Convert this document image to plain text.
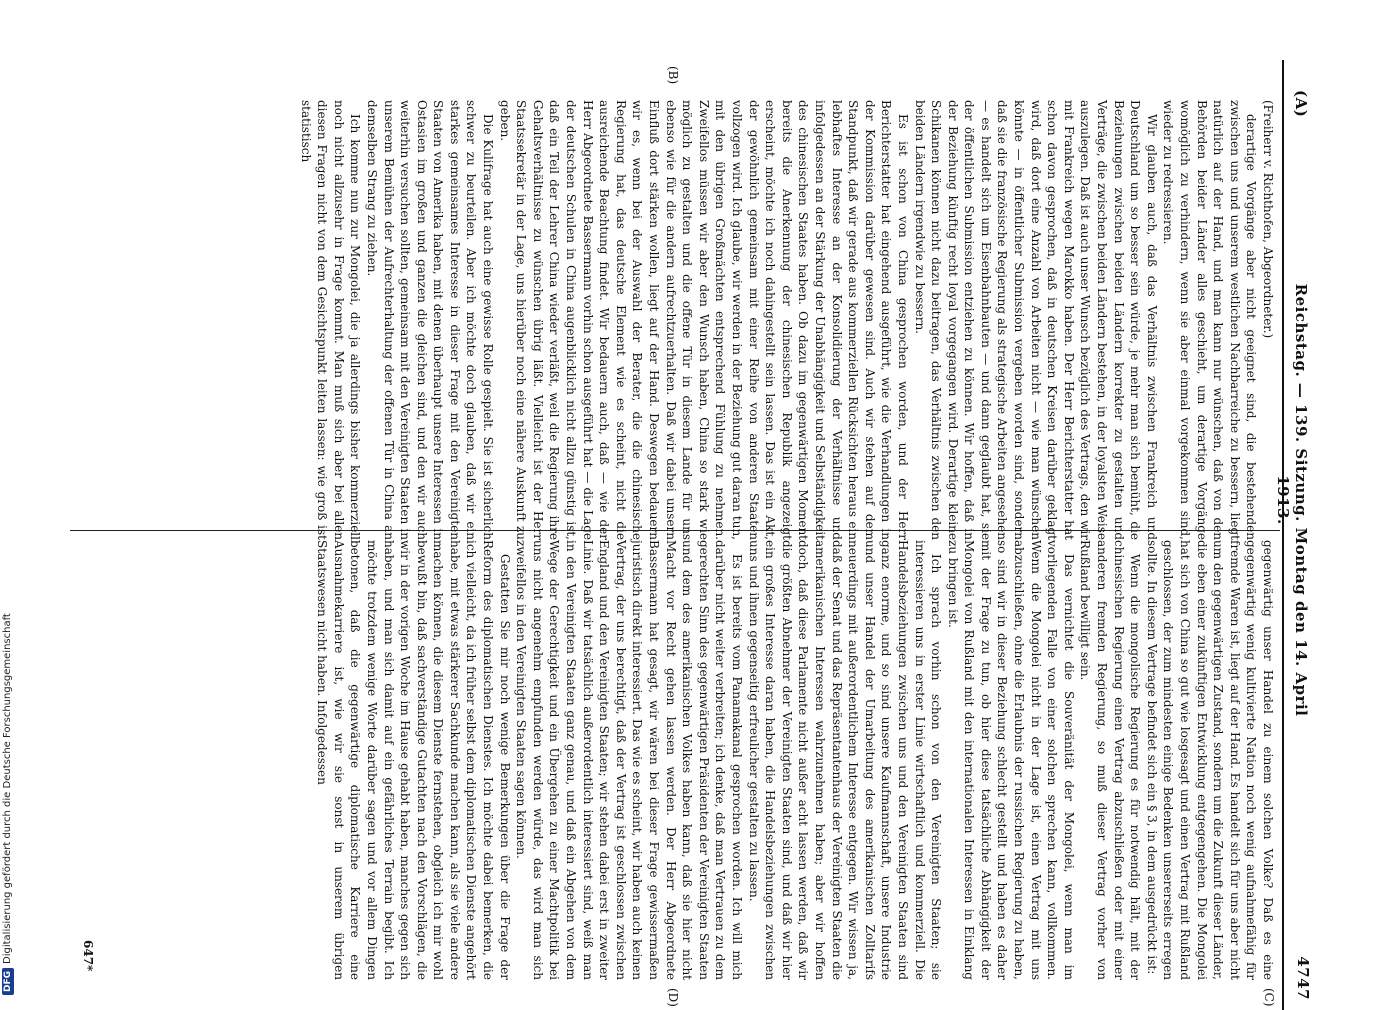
DFGDigitalisierung gefördert durch die Deutsche Forschungsgemeinschaft
(A)
Reichstag. — 139. Sitzung. Montag den 14. April 1913.
4747
(B)
(C)
(D)

(Freiherr v. Richthofen, Abgeordneter.)

derartige Vorgänge aber nicht geeignet sind, die bestehenden zwischen uns und unserem westlichen Nachbarreiche zu bessern, liegt natürlich auf der Hand, und man kann nur wünschen, daß von den Behörden beider Länder alles geschieht, um derartige Vorgänge womöglich zu verhindern, wenn sie aber einmal vorgekommen sind, wieder zu redressieren.

Wir glauben auch, daß das Verhältnis zwischen Frankreich und Deutschland um so besser sein würde, je mehr man sich bemüht, die Beziehungen zwischen beiden Ländern korrekter zu gestalten und Verträge, die zwischen beiden Ländern bestehen, in der loyalsten Weise auszulegen. Daß ist auch unser Wunsch bezüglich des Vertrags, den wir mit Frankreich wegen Marokko haben. Der Herr Berichterstatter hat schon davon gesprochen, daß in deutschen Kreisen darüber geklagt wird, daß dort eine Anzahl von Arbeiten nicht — wie man wünschen könnte — in öffentlicher Submission vergeben worden sind, sondern daß sie die französische Regierung als strategische Arbeiten angesehen — es handelt sich um Eisenbahnbauten — und dann geglaubt hat, sie der öffentlichen Submission entziehen zu können. Wir hoffen, daß in der Beziehung künftig recht loyal vorgegangen wird. Derartige kleine Schikanen können nicht dazu beitragen, das Verhältnis zwischen den beiden Ländern irgendwie zu bessern.

Es ist schon von China gesprochen worden, und der Herr Berichterstatter hat eingehend ausgeführt, wie die Verhandlungen in der Kommission darüber gewesen sind. Auch wir stehen auf dem Standpunkt, daß wir gerade aus kommerziellen Rücksichten heraus ein lebhaftes Interesse an der Konsolidierung der Verhältnisse und infolgedessen an der Stärkung der Unabhängigkeit und Selbständigkeit des chinesischen Staates haben. Ob dazu im gegenwärtigen Moment bereits die Anerkennung der chinesischen Republik angezeigt erscheint, möchte ich noch dahingestellt sein lassen. Das ist ein Akt, der gewöhnlich gemeinsam mit einer Reihe von anderen Staaten vollzogen wird. Ich glaube, wir werden in der Beziehung gut daran tun, mit den übrigen Großmächten entsprechend Fühlung zu nehmen. Zweifellos müssen wir aber den Wunsch haben, China so stark wie möglich zu gestalten und die offene Tür in diesem Lande für uns ebenso wie für die andern aufrechtzuerhalten. Daß wir dabei unsern Einfluß dort stärken wollen, liegt auf der Hand. Deswegen bedauern wir es, wenn bei der Auswahl der Berater, die die chinesische Regierung hat, das deutsche Element wie es scheint, nicht die ausreichende Beachtung findet. Wir bedauern auch, daß — wie der Herr Abgeordnete Bassermann vorhin schon ausgeführt hat — die Lage der deutschen Schulen in China augenblicklich nicht allzu günstig ist, daß ein Teil der Lehrer China wieder verläßt, weil die Regierung ihre Gehaltsverhältnisse zu wünschen übrig läßt. Vielleicht ist der Herr Staatssekretär in der Lage, uns hierüber noch eine nähere Auskunft zu geben.

Die Kulifrage hat auch eine gewisse Rolle gespielt. Sie ist sicherlich schwer zu beurteilen. Aber ich möchte doch glauben, daß wir ein starkes gemeinsames Interesse in dieser Frage mit den Vereinigten Staaten von Amerika haben, mit denen überhaupt unsere Interessen in Ostasien im großen und ganzen die gleichen sind, und den wir auch weiterhin versuchen sollten, gemeinsam mit den Vereinigten Staaten in unserem Bemühen der Aufrechterhaltung der offenen Tür in China an demselben Strang zu ziehen.

Ich komme nun zur Mongolei, die ja allerdings bisher kommerziell noch nicht allzusehr in Frage kommt. Man muß sich aber bei allen diesen Fragen nicht von dem Gesichtspunkt leiten lassen: wie groß ist statistisch

gegenwärtig unser Handel zu einem solchen Volke? Daß es eine gegenwärtig wenig kultivierte Nation noch wenig aufnahmefähig für fremde Waren ist, liegt auf der Hand. Es handelt sich für uns aber nicht um den gegenwärtigen Zustand, sondern um die Zukunft dieser Länder, die eben einer zukünftigen Entwicklung entgegengehen. Die Mongolei hat sich von China so gut wie losgesagt und einen Vertrag mit Rußland geschlossen, der zum mindesten einige Bedenken unsererseits erregen sollte. In diesem Vertrage befindet sich ein § 3, in dem ausgedrückt ist:

Wenn die mongolische Regierung es für notwendig hält, mit der chinesischen Regierung einen Vertrag abzuschließen oder mit einer anderen fremden Regierung, so muß dieser Vertrag vorher von Rußland bewilligt sein.

Das vernichtet die Souveränität der Mongolei, wenn man im vorliegenden Falle von einer solchen sprechen kann, vollkommen. Wenn die Mongolei nicht in der Lage ist, einen Vertrag mit uns abzuschließen, ohne die Erlaubnis der russischen Regierung zu haben, so sind wir in dieser Beziehung schlecht gestellt und haben es daher mit der Frage zu tun, ob hier diese tatsächliche Abhängigkeit der Mongolei von Rußland mit den internationalen Interessen in Einklang zu bringen ist.

Ich sprach vorhin schon von den Vereinigten Staaten; sie interessieren uns in erster Linie wirtschaftlich und kommerziell. Die Handelsbeziehungen zwischen uns und den Vereinigten Staaten sind ganz enorme, und so sind unsere Kaufmannschaft, unsere Industrie und unser Handel der Umarbeitung des amerikanischen Zolltarifs neuerdings mit außerordentlichem Interesse entgegen. Wir wissen ja, daß der Senat und das Repräsentantenhaus der Vereinigten Staaten die amerikanischen Interessen wahrzunehmen haben; aber wir hoffen doch, daß diese Parlamente nicht außer acht lassen werden, daß wir die größten Abnehmer der Vereinigten Staaten sind, und daß wir hier ein großes Interesse daran haben, die Handelsbeziehungen zwischen uns und ihnen gegenseitig erfreulicher gestalten zu lassen.

Es ist bereits vom Panamakanal gesprochen worden. Ich will mich darüber nicht weiter verbreiten; ich denke, daß man Vertrauen zu dem gerechten Sinn des gegenwärtigen Präsidenten der Vereinigten Staaten und dem des amerikanischen Volkes haben kann, daß sie hier nicht Macht vor Recht gehen lassen werden. Der Herr Abgeordnete Bassermann hat gesagt, wir wären bei dieser Frage gewissermaßen juristisch direkt interessiert. Das wie es scheint, wir haben auch keinen Vertrag, der uns berechtigt, daß der Vertrag ist geschlossen zwischen England und den Vereinigten Staaten; wir stehen dabei erst in zweiter Linie. Daß wir tatsächlich außerordentlich interessiert sind, weiß man in den Vereinigten Staaten ganz genau, und daß ein Abgehen von dem Wege der Gerechtigkeit und ein Übergehen zu einer Machtpolitik bei uns nicht angenehm empfunden werden würde, das wird man sich zweifellos in den Vereinigten Staaten sagen können.

Gestatten Sie mir noch wenige Bemerkungen über die Frage der Reform des diplomatischen Dienstes. Ich möchte dabei bemerken, die ich vielleicht, da ich früher selbst dem diplomatischen Dienste angehört habe, mit etwas stärkerer Sachkunde machen kann, als sie viele andere machen können, die diesem Dienste fernstehen, obgleich ich mir wohl bewußt bin, daß sachverständige Gutachten nach den Vorschlägen, die wir in der vorigen Woche im Hause gehabt haben, manches gegen sich haben, und man sich damit auf ein gefährliches Terrain begibt. Ich möchte trotzdem wenige Worte darüber sagen und vor allem Dingen betonen, daß die gegenwärtige diplomatische Karriere eine Ausnahmekarriere ist, wie wir sie sonst in unserem übrigen Staatswesen nicht haben. Infolgedessen

647*
